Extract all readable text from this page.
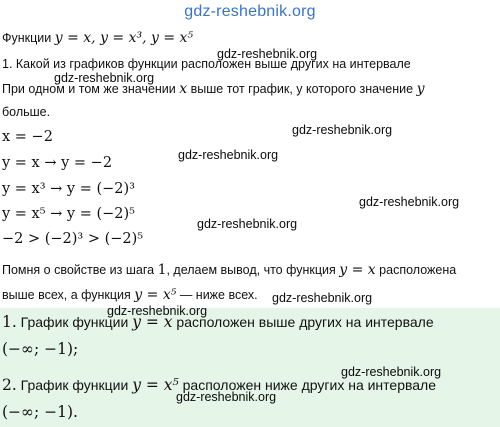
gdz-reshebnik.org
Функции y = x, y = x³, y = x⁵
gdz-reshebnik.org
1. Какой из графиков функции расположен выше других на интервале
gdz-reshebnik.org
При одном и том же значении x выше тот график, у которого значение y
больше.
gdz-reshebnik.org
x = −2
gdz-reshebnik.org
y = x → y = −2
y = x³ → y = (−2)³
gdz-reshebnik.org
y = x⁵ → y = (−2)⁵
gdz-reshebnik.org
−2 > (−2)³ > (−2)⁵
Помня о свойстве из шага 1, делаем вывод, что функция y = x расположена
выше всех, а функция y = x⁵ — ниже всех. gdz-reshebnik.org
gdz-reshebnik.org
1. График функции y = x расположен выше других на интервале
(−∞; −1);
gdz-reshebnik.org
2. График функции y = x⁵ расположен ниже других на интервале
gdz-reshebnik.org
(−∞; −1).
